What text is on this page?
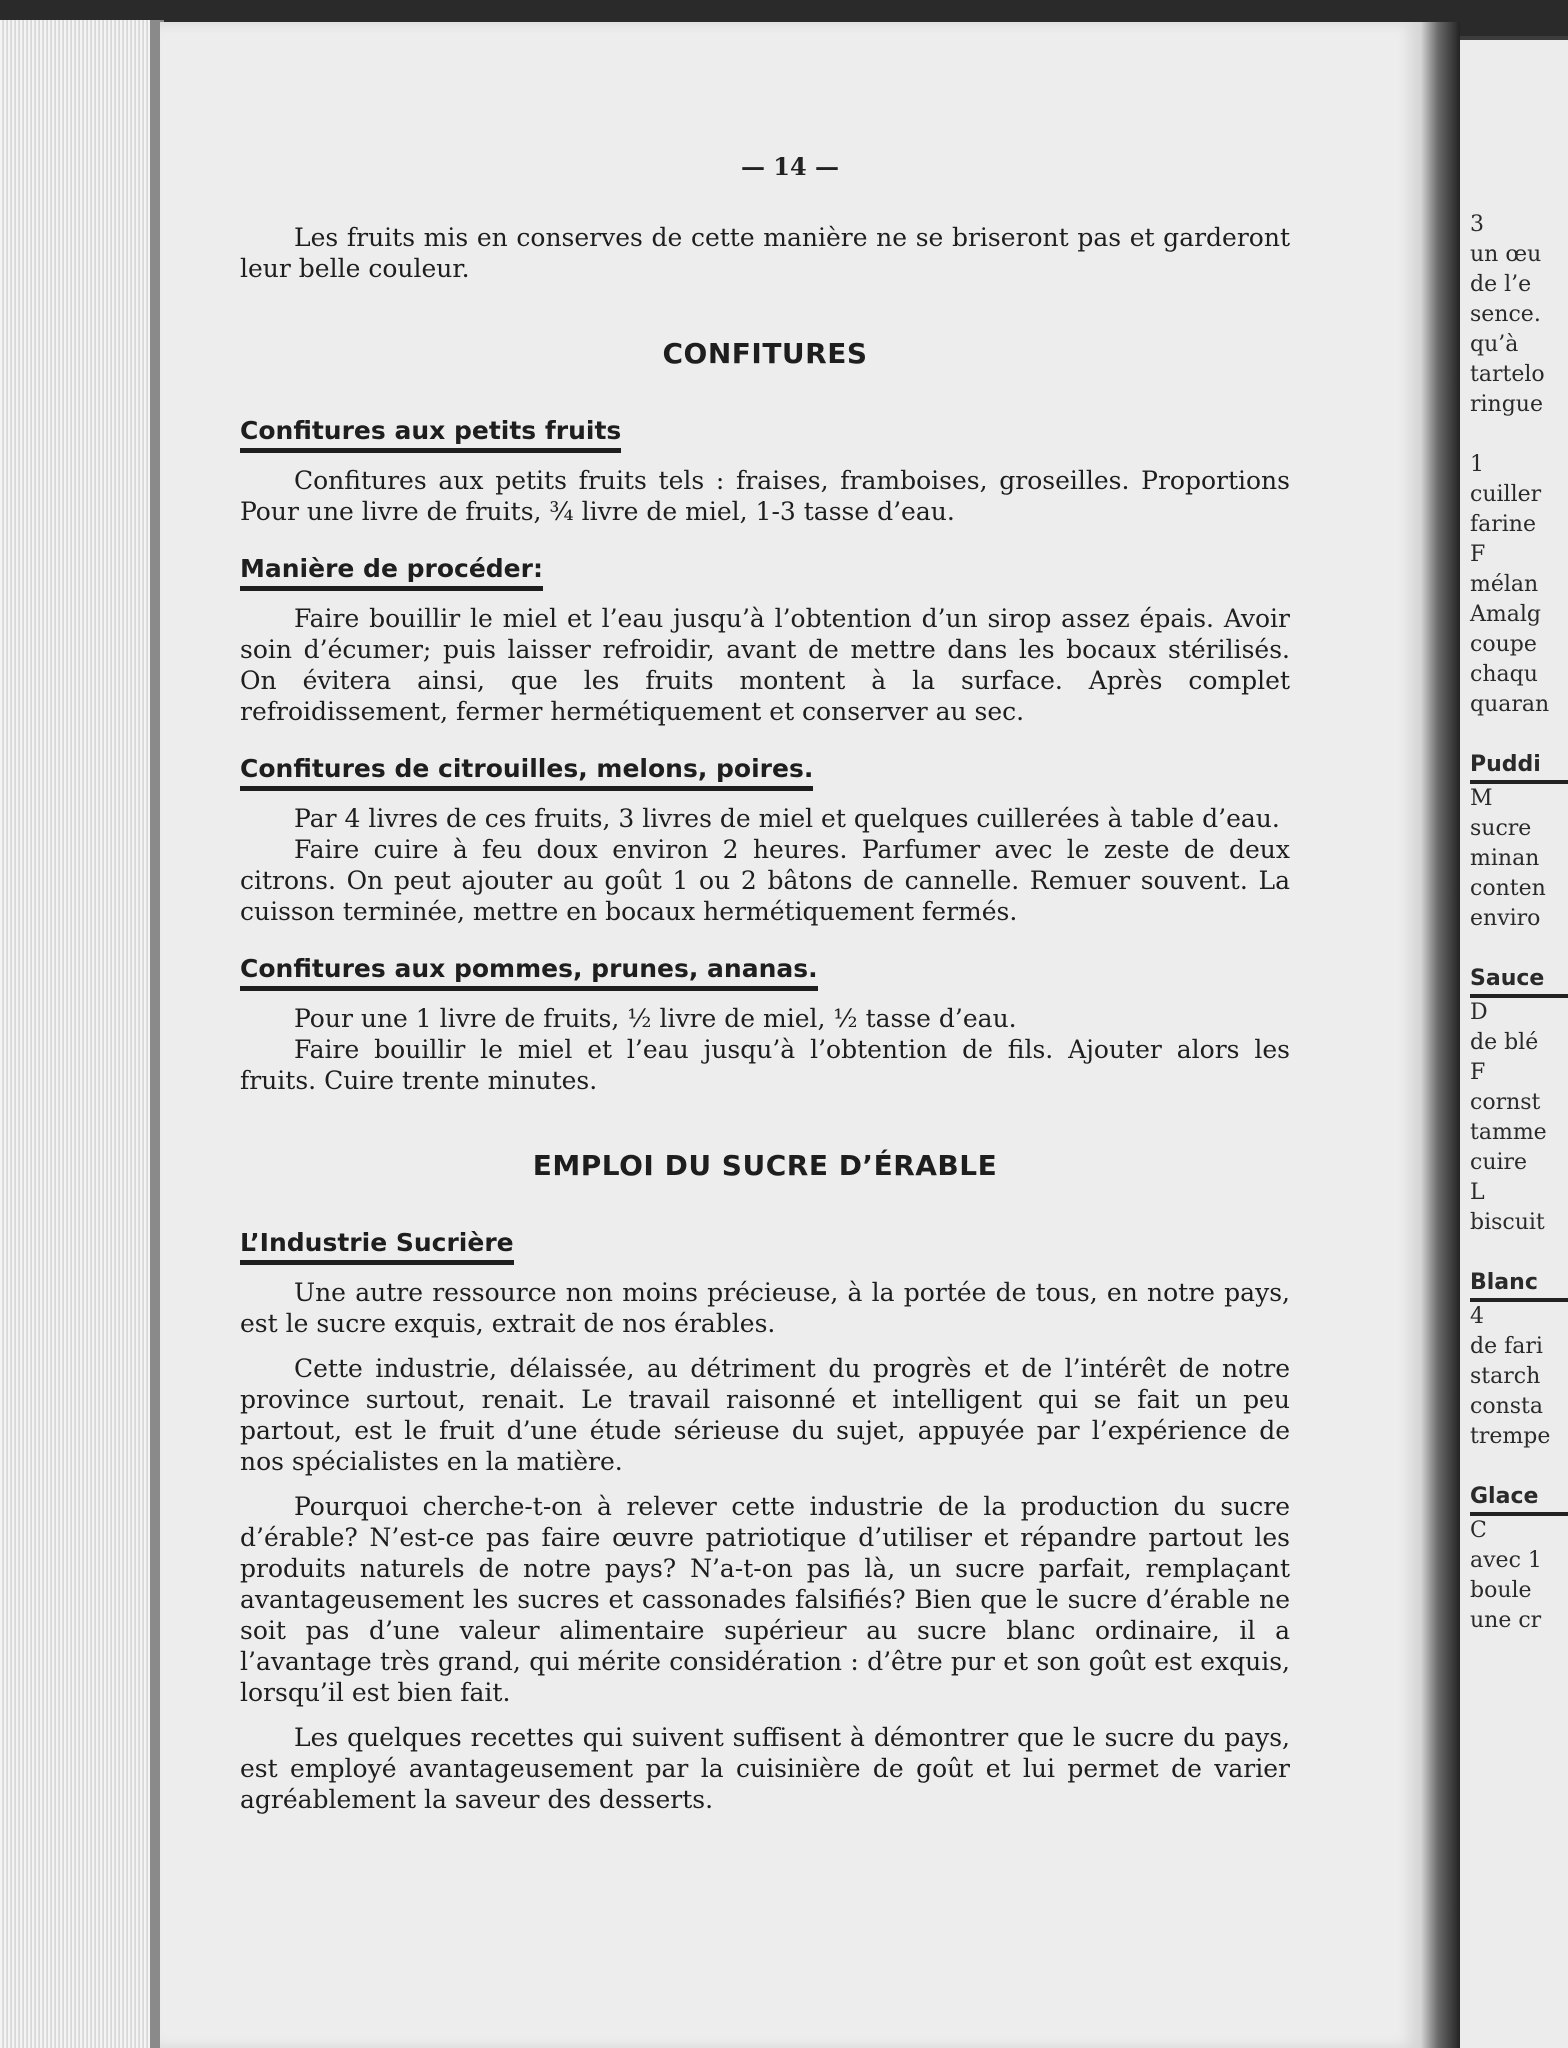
— 14 —

Les fruits mis en conserves de cette manière ne se briseront pas et garderont leur belle couleur.

CONFITURES
Confitures aux petits fruits

Confitures aux petits fruits tels : fraises, framboises, groseilles. Proportions Pour une livre de fruits, ¾ livre de miel, 1-3 tasse d’eau.

Manière de procéder:

Faire bouillir le miel et l’eau jusqu’à l’obtention d’un sirop assez épais. Avoir soin d’écumer; puis laisser refroidir, avant de mettre dans les bocaux stérilisés. On évitera ainsi, que les fruits montent à la surface. Après complet refroidissement, fermer hermétiquement et conserver au sec.

Confitures de citrouilles, melons, poires.

Par 4 livres de ces fruits, 3 livres de miel et quelques cuillerées à table d’eau.

Faire cuire à feu doux environ 2 heures. Parfumer avec le zeste de deux citrons. On peut ajouter au goût 1 ou 2 bâtons de cannelle. Remuer souvent. La cuisson terminée, mettre en bocaux hermétiquement fermés.

Confitures aux pommes, prunes, ananas.

Pour une 1 livre de fruits, ½ livre de miel, ½ tasse d’eau.

Faire bouillir le miel et l’eau jusqu’à l’obtention de fils. Ajouter alors les fruits. Cuire trente minutes.

EMPLOI DU SUCRE D’ÉRABLE
L’Industrie Sucrière

Une autre ressource non moins précieuse, à la portée de tous, en notre pays, est le sucre exquis, extrait de nos érables.

Cette industrie, délaissée, au détriment du progrès et de l’intérêt de notre province surtout, renait. Le travail raisonné et intelligent qui se fait un peu partout, est le fruit d’une étude sérieuse du sujet, appuyée par l’expérience de nos spécialistes en la matière.

Pourquoi cherche-t-on à relever cette industrie de la production du sucre d’érable? N’est-ce pas faire œuvre patriotique d’utiliser et répandre partout les produits naturels de notre pays? N’a-t-on pas là, un sucre parfait, remplaçant avantageusement les sucres et cassonades falsifiés? Bien que le sucre d’érable ne soit pas d’une valeur alimentaire supérieur au sucre blanc ordinaire, il a l’avantage très grand, qui mérite considération : d’être pur et son goût est exquis, lorsqu’il est bien fait.

Les quelques recettes qui suivent suffisent à démontrer que le sucre du pays, est employé avantageusement par la cuisinière de goût et lui permet de varier agréablement la saveur des desserts.

3
un œu
de l’e
sence.
qu’à
tartelo
ringue

1
cuiller
farine
F
mélan
Amalg
coupe
chaqu
quaran
Puddi
M
sucre
minan
conten
enviro
Sauce
D
de blé
F
cornst
tamme
cuire
L
biscuit
Blanc
4
de fari
starch
consta
trempe
Glace
C
avec 1
boule
une cr
